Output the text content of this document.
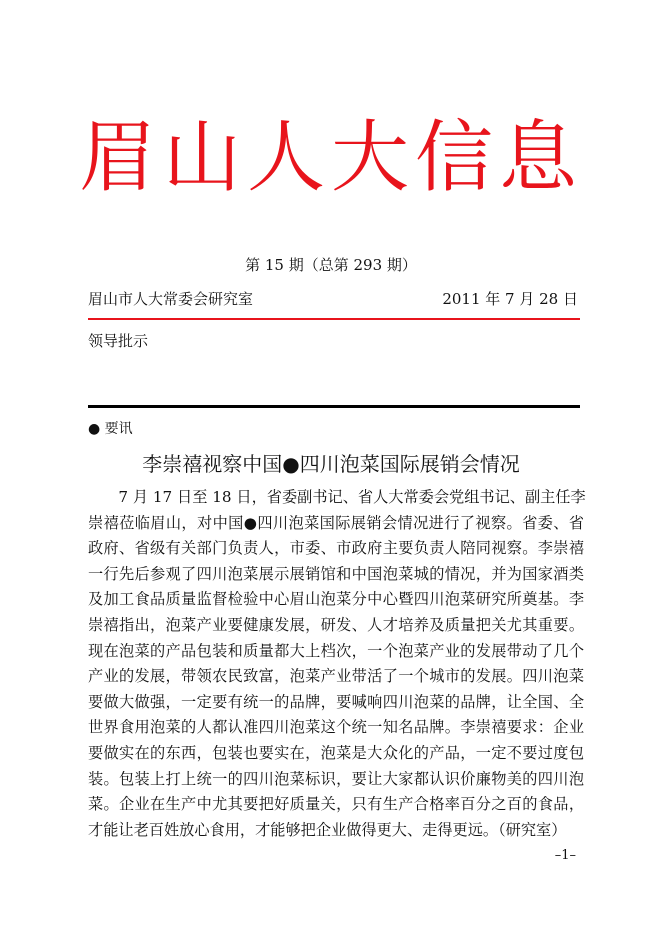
眉山人大信息
第 15 期（总第 293 期）
眉山市人大常委会研究室	2011 年 7 月 28 日
领导批示
● 要讯
李崇禧视察中国●四川泡菜国际展销会情况
　　7 月 17 日至 18 日，省委副书记、省人大常委会党组书记、副主任李
崇禧莅临眉山，对中国●四川泡菜国际展销会情况进行了视察。省委、省
政府、省级有关部门负责人，市委、市政府主要负责人陪同视察。李崇禧
一行先后参观了四川泡菜展示展销馆和中国泡菜城的情况，并为国家酒类
及加工食品质量监督检验中心眉山泡菜分中心暨四川泡菜研究所奠基。李
崇禧指出，泡菜产业要健康发展，研发、人才培养及质量把关尤其重要。
现在泡菜的产品包装和质量都大上档次，一个泡菜产业的发展带动了几个
产业的发展，带领农民致富，泡菜产业带活了一个城市的发展。四川泡菜
要做大做强，一定要有统一的品牌，要喊响四川泡菜的品牌，让全国、全
世界食用泡菜的人都认准四川泡菜这个统一知名品牌。李崇禧要求：企业
要做实在的东西，包装也要实在，泡菜是大众化的产品，一定不要过度包
装。包装上打上统一的四川泡菜标识，要让大家都认识价廉物美的四川泡
菜。企业在生产中尤其要把好质量关，只有生产合格率百分之百的食品，
才能让老百姓放心食用，才能够把企业做得更大、走得更远。（研究室）
–1–
